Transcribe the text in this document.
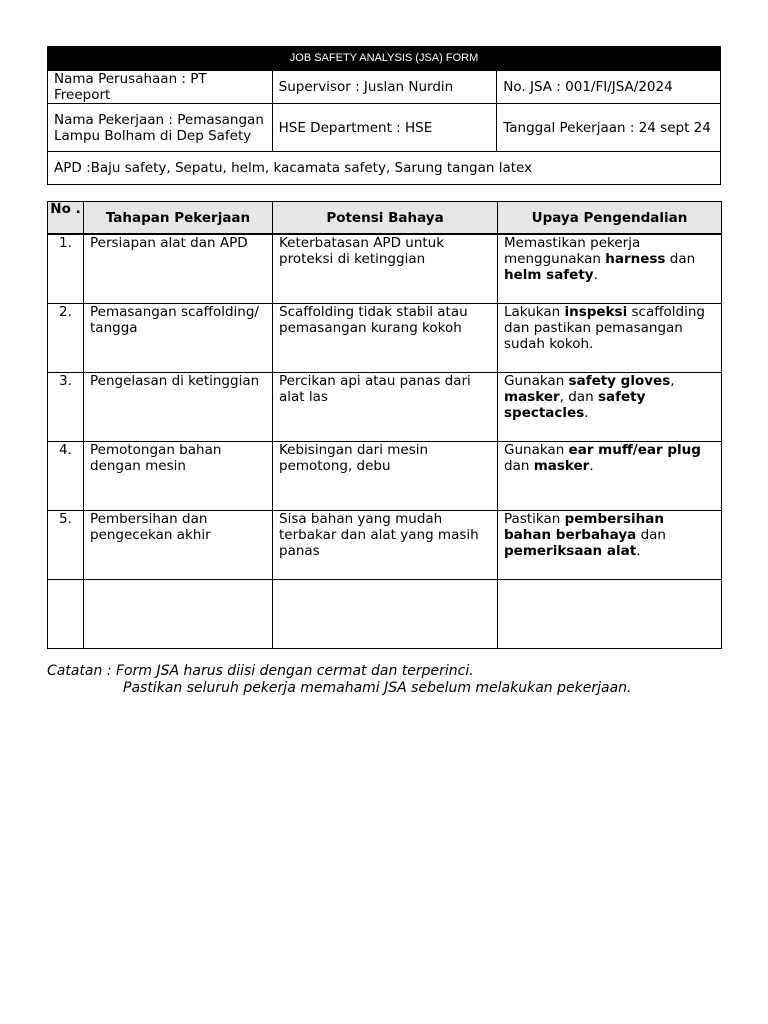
JOB SAFETY ANALYSIS (JSA) FORM
Nama Perusahaan : PT Freeport	Supervisor : Juslan Nurdin	No. JSA : 001/FI/JSA/2024
Nama Pekerjaan : Pemasangan Lampu Bolham di Dep Safety	HSE Department : HSE	Tanggal Pekerjaan : 24 sept 24
APD :Baju safety, Sepatu, helm, kacamata safety, Sarung tangan latex		
No .	Tahapan Pekerjaan	Potensi Bahaya	Upaya Pengendalian
1.	Persiapan alat dan APD	Keterbatasan APD untuk proteksi di ketinggian	Memastikan pekerja menggunakan harness dan helm safety.
2.	Pemasangan scaffolding/ tangga	Scaffolding tidak stabil atau pemasangan kurang kokoh	Lakukan inspeksi scaffolding dan pastikan pemasangan sudah kokoh.
3.	Pengelasan di ketinggian	Percikan api atau panas dari alat las	Gunakan safety gloves, masker, dan safety spectacles.
4.	Pemotongan bahan dengan mesin	Kebisingan dari mesin pemotong, debu	Gunakan ear muff/ear plug dan masker.
5.	Pembersihan dan pengecekan akhir	Sisa bahan yang mudah terbakar dan alat yang masih panas	Pastikan pembersihan bahan berbahaya dan pemeriksaan alat.

Catatan : Form JSA harus diisi dengan cermat dan terperinci.
Pastikan seluruh pekerja memahami JSA sebelum melakukan pekerjaan.
